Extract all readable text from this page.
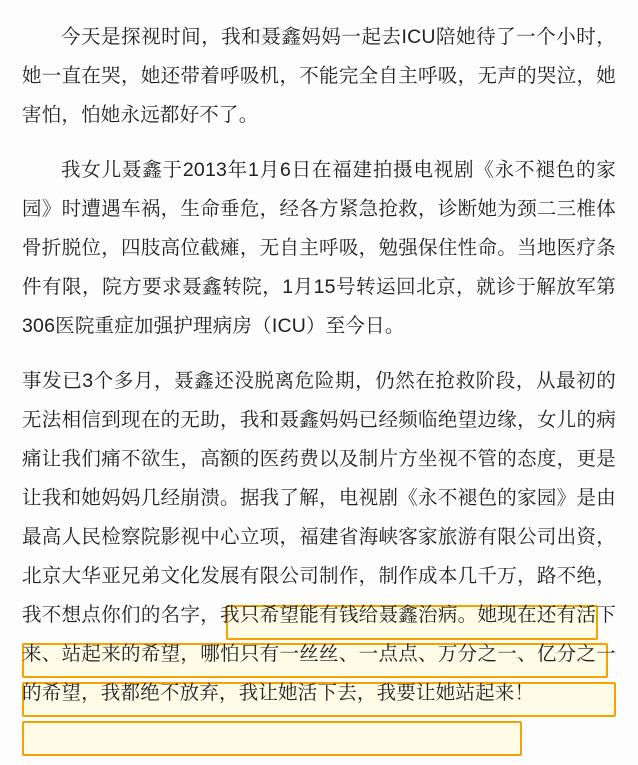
今天是探视时间，我和聂鑫妈妈一起去ICU陪她待了一个小时，她一直在哭，她还带着呼吸机，不能完全自主呼吸，无声的哭泣，她害怕，怕她永远都好不了。

我女儿聂鑫于2013年1月6日在福建拍摄电视剧《永不褪色的家园》时遭遇车祸，生命垂危，经各方紧急抢救，诊断她为颈二三椎体骨折脱位，四肢高位截瘫，无自主呼吸，勉强保住性命。当地医疗条件有限，院方要求聂鑫转院，1月15号转运回北京，就诊于解放军第306医院重症加强护理病房（ICU）至今日。

事发已3个多月，聂鑫还没脱离危险期，仍然在抢救阶段，从最初的无法相信到现在的无助，我和聂鑫妈妈已经频临绝望边缘，女儿的病痛让我们痛不欲生，高额的医药费以及制片方坐视不管的态度，更是让我和她妈妈几经崩溃。据我了解，电视剧《永不褪色的家园》是由最高人民检察院影视中心立项，福建省海峡客家旅游有限公司出资，北京大华亚兄弟文化发展有限公司制作，制作成本几千万，路不绝，我不想点你们的名字，我只希望能有钱给聂鑫治病。她现在还有活下来、站起来的希望，哪怕只有一丝丝、一点点、万分之一、亿分之一的希望，我都绝不放弃，我让她活下去，我要让她站起来！
